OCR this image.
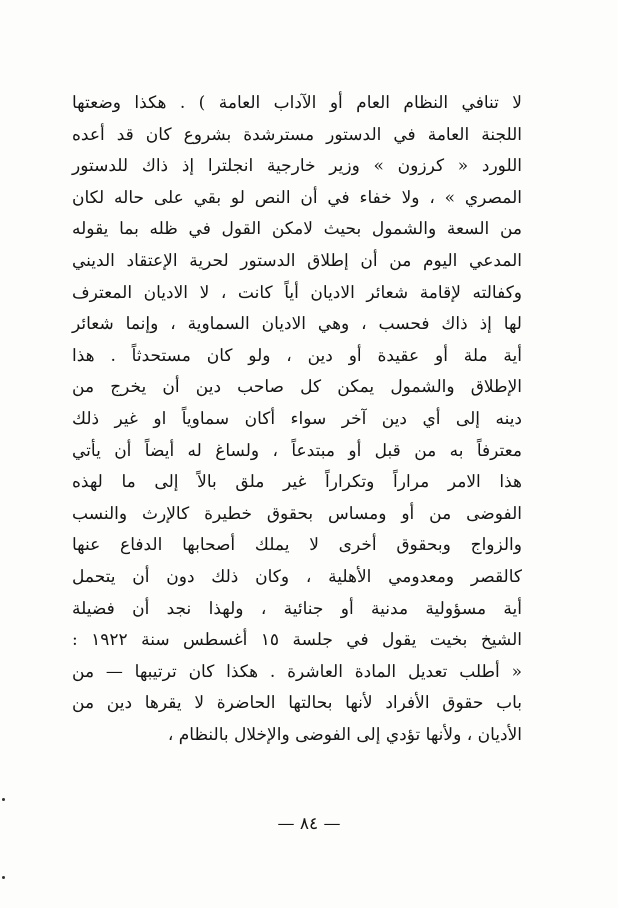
لا تنافي النظام العام أو الآداب العامة ) . هكذا وضعتها
اللجنة العامة في الدستور مسترشدة بشروع كان قد أعده
اللورد « كرزون » وزير خارجية انجلترا إذ ذاك للدستور
المصري » ، ولا خفاء في أن النص لو بقي على حاله لكان
من السعة والشمول بحيث لامكن القول في ظله بما يقوله
المدعي اليوم من أن إطلاق الدستور لحرية الإعتقاد الديني
وكفالته لإقامة شعائر الاديان أياً كانت ، لا الاديان المعترف
لها إذ ذاك فحسب ، وهي الاديان السماوية ، وإنما شعائر
أية ملة أو عقيدة أو دين ، ولو كان مستحدثاً . هذا
الإطلاق والشمول يمكن كل صاحب دين أن يخرج من
دينه إلى أي دين آخر سواء أكان سماوياً او غير ذلك
معترفاً به من قبل أو مبتدعاً ، ولساغ له أيضاً أن يأتي
هذا الامر مراراً وتكراراً غير ملق بالاً إلى ما لهذه
الفوضى من أو ومساس بحقوق خطيرة كالإرث والنسب
والزواج وبحقوق أخرى لا يملك أصحابها الدفاع عنها
كالقصر ومعدومي الأهلية ، وكان ذلك دون أن يتحمل
أية مسؤولية مدنية أو جنائية ، ولهذا نجد أن فضيلة
الشيخ بخيت يقول في جلسة ١٥ أغسطس سنة ١٩٢٢ :
« أطلب تعديل المادة العاشرة . هكذا كان ترتيبها — من
باب حقوق الأفراد لأنها بحالتها الحاضرة لا يقرها دين من
الأديان ، ولأنها تؤدي إلى الفوضى والإخلال بالنظام ،
— ٨٤ —
